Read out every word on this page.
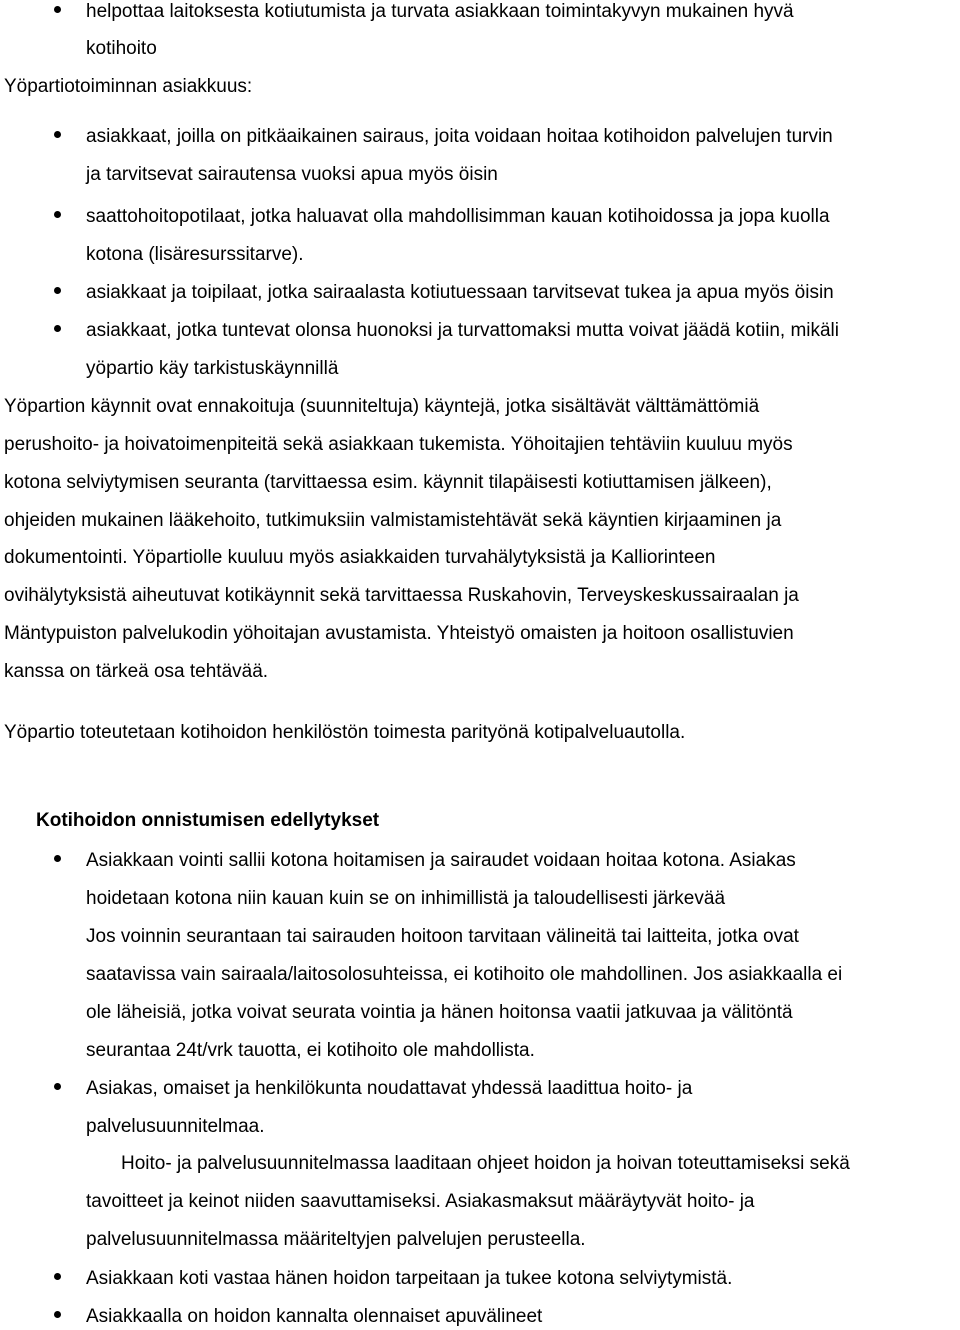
helpottaa laitoksesta kotiutumista ja turvata asiakkaan toimintakyvyn mukainen hyvä
kotihoito
Yöpartiotoiminnan asiakkuus:
asiakkaat, joilla on pitkäaikainen sairaus, joita voidaan hoitaa kotihoidon palvelujen turvin
ja tarvitsevat sairautensa vuoksi apua myös öisin
saattohoitopotilaat, jotka haluavat olla mahdollisimman kauan kotihoidossa ja jopa kuolla
kotona (lisäresurssitarve).
asiakkaat ja toipilaat, jotka sairaalasta kotiutuessaan tarvitsevat tukea ja apua myös öisin
asiakkaat, jotka tuntevat olonsa huonoksi ja turvattomaksi mutta voivat jäädä kotiin, mikäli
yöpartio käy tarkistuskäynnillä
Yöpartion käynnit ovat ennakoituja (suunniteltuja) käyntejä, jotka sisältävät välttämättömiä
perushoito- ja hoivatoimenpiteitä sekä asiakkaan tukemista. Yöhoitajien tehtäviin kuuluu myös
kotona selviytymisen seuranta (tarvittaessa esim. käynnit tilapäisesti kotiuttamisen jälkeen),
ohjeiden mukainen lääkehoito, tutkimuksiin valmistamistehtävät sekä käyntien kirjaaminen ja
dokumentointi. Yöpartiolle kuuluu myös asiakkaiden turvahälytyksistä ja Kalliorinteen
ovihälytyksistä aiheutuvat kotikäynnit sekä tarvittaessa Ruskahovin, Terveyskeskussairaalan ja
Mäntypuiston palvelukodin yöhoitajan avustamista. Yhteistyö omaisten ja hoitoon osallistuvien
kanssa on tärkeä osa tehtävää.
Yöpartio toteutetaan kotihoidon henkilöstön toimesta parityönä kotipalveluautolla.
Kotihoidon onnistumisen edellytykset
Asiakkaan vointi sallii kotona hoitamisen ja sairaudet voidaan hoitaa kotona. Asiakas
hoidetaan kotona niin kauan kuin se on inhimillistä ja taloudellisesti järkevää
Jos voinnin seurantaan tai sairauden hoitoon tarvitaan välineitä tai laitteita, jotka ovat
saatavissa vain sairaala/laitosolosuhteissa, ei kotihoito ole mahdollinen. Jos asiakkaalla ei
ole läheisiä, jotka voivat seurata vointia ja hänen hoitonsa vaatii jatkuvaa ja välitöntä
seurantaa 24t/vrk tauotta, ei kotihoito ole mahdollista.
Asiakas, omaiset ja henkilökunta noudattavat yhdessä laadittua hoito- ja
palvelusuunnitelmaa.
Hoito- ja palvelusuunnitelmassa laaditaan ohjeet hoidon ja hoivan toteuttamiseksi sekä
tavoitteet ja keinot niiden saavuttamiseksi. Asiakasmaksut määräytyvät hoito- ja
palvelusuunnitelmassa määriteltyjen palvelujen perusteella.
Asiakkaan koti vastaa hänen hoidon tarpeitaan ja tukee kotona selviytymistä.
Asiakkaalla on hoidon kannalta olennaiset apuvälineet
